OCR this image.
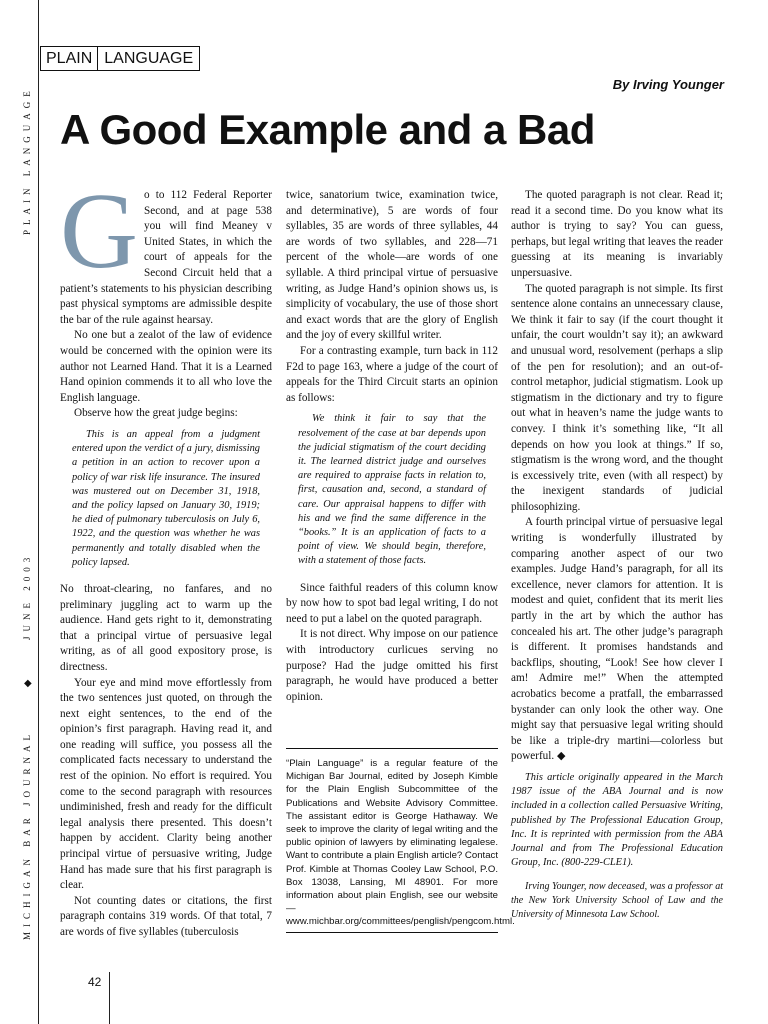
PLAIN LANGUAGE
JUNE 2003
◆
MICHIGAN BAR JOURNAL
PLAIN LANGUAGE
By Irving Younger
A Good Example and a Bad
G o to 112 Federal Reporter Second, and at page 538 you will find Meaney v United States, in which the court of appeals for the Second Circuit held that a patient’s statements to his physician describing past physical symptoms are admissible despite the bar of the rule against hearsay.

No one but a zealot of the law of evidence would be concerned with the opinion were its author not Learned Hand. That it is a Learned Hand opinion commends it to all who love the English language.

Observe how the great judge begins:

This is an appeal from a judgment entered upon the verdict of a jury, dismissing a petition in an action to recover upon a policy of war risk life insurance. The insured was mustered out on December 31, 1918, and the policy lapsed on January 30, 1919; he died of pulmonary tuberculosis on July 6, 1922, and the question was whether he was permanently and totally disabled when the policy lapsed.

No throat-clearing, no fanfares, and no preliminary juggling act to warm up the audience. Hand gets right to it, demonstrating that a principal virtue of persuasive legal writing, as of all good expository prose, is directness.

Your eye and mind move effortlessly from the two sentences just quoted, on through the next eight sentences, to the end of the opinion’s first paragraph. Having read it, and one reading will suffice, you possess all the complicated facts necessary to understand the rest of the opinion. No effort is required. You come to the second paragraph with resources undiminished, fresh and ready for the difficult legal analysis there presented. This doesn’t happen by accident. Clarity being another principal virtue of persuasive writing, Judge Hand has made sure that his first paragraph is clear.

Not counting dates or citations, the first paragraph contains 319 words. Of that total, 7 are words of five syllables (tuberculosis

twice, sanatorium twice, examination twice, and determinative), 5 are words of four syllables, 35 are words of three syllables, 44 are words of two syllables, and 228—71 percent of the whole—are words of one syllable. A third principal virtue of persuasive writing, as Judge Hand’s opinion shows us, is simplicity of vocabulary, the use of those short and exact words that are the glory of English and the joy of every skillful writer.

For a contrasting example, turn back in 112 F2d to page 163, where a judge of the court of appeals for the Third Circuit starts an opinion as follows:

We think it fair to say that the resolvement of the case at bar depends upon the judicial stigmatism of the court deciding it. The learned district judge and ourselves are required to appraise facts in relation to, first, causation and, second, a standard of care. Our appraisal happens to differ with his and we find the same difference in the “books.” It is an application of facts to a point of view. We should begin, therefore, with a statement of those facts.

Since faithful readers of this column know by now how to spot bad legal writing, I do not need to put a label on the quoted paragraph.

It is not direct. Why impose on our patience with introductory curlicues serving no purpose? Had the judge omitted his first paragraph, he would have produced a better opinion.

“Plain Language” is a regular feature of the Michigan Bar Journal, edited by Joseph Kimble for the Plain English Subcommittee of the Publications and Website Advisory Committee. The assistant editor is George Hathaway. We seek to improve the clarity of legal writing and the public opinion of lawyers by eliminating legalese. Want to contribute a plain English article? Contact Prof. Kimble at Thomas Cooley Law School, P.O. Box 13038, Lansing, MI 48901. For more information about plain English, see our website—www.michbar.org/committees/penglish/pengcom.html.

The quoted paragraph is not clear. Read it; read it a second time. Do you know what its author is trying to say? You can guess, perhaps, but legal writing that leaves the reader guessing at its meaning is invariably unpersuasive.

The quoted paragraph is not simple. Its first sentence alone contains an unnecessary clause, We think it fair to say (if the court thought it unfair, the court wouldn’t say it); an awkward and unusual word, resolvement (perhaps a slip of the pen for resolution); and an out-of-control metaphor, judicial stigmatism. Look up stigmatism in the dictionary and try to figure out what in heaven’s name the judge wants to convey. I think it’s something like, “It all depends on how you look at things.” If so, stigmatism is the wrong word, and the thought is excessively trite, even (with all respect) by the inexigent standards of judicial philosophizing.

A fourth principal virtue of persuasive legal writing is wonderfully illustrated by comparing another aspect of our two examples. Judge Hand’s paragraph, for all its excellence, never clamors for attention. It is modest and quiet, confident that its merit lies partly in the art by which the author has concealed his art. The other judge’s paragraph is different. It promises handstands and backflips, shouting, “Look! See how clever I am! Admire me!” When the attempted acrobatics become a pratfall, the embarrassed bystander can only look the other way. One might say that persuasive legal writing should be like a triple-dry martini—colorless but powerful. ◆

This article originally appeared in the March 1987 issue of the ABA Journal and is now included in a collection called Persuasive Writing, published by The Professional Education Group, Inc. It is reprinted with permission from the ABA Journal and from The Professional Education Group, Inc. (800-229-CLE1).

Irving Younger, now deceased, was a professor at the New York University School of Law and the University of Minnesota Law School.

42
